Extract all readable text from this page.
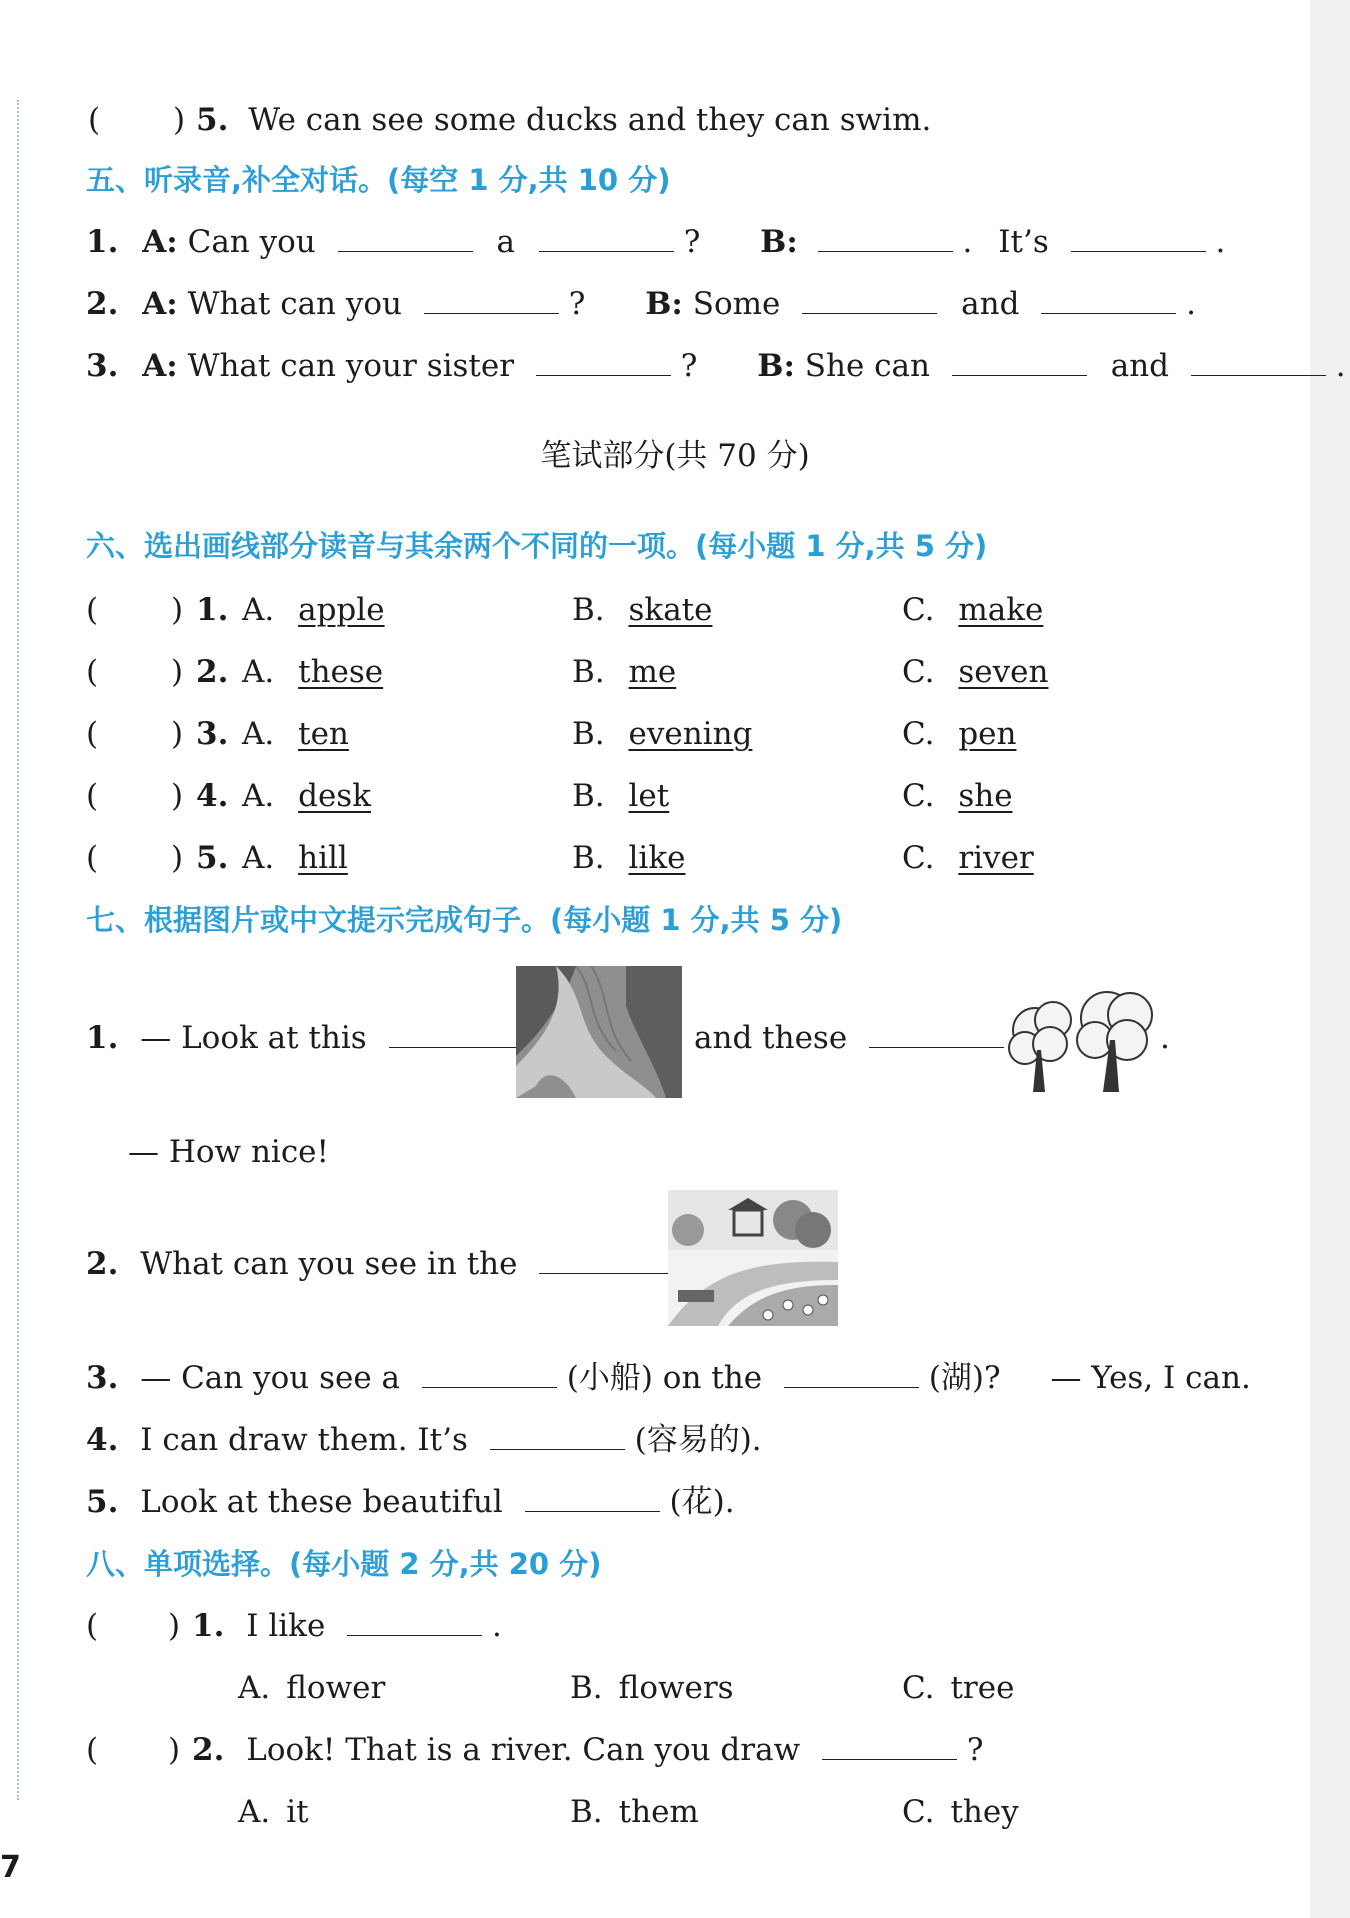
( ) 5. We can see some ducks and they can swim.
五、听录音,补全对话。(每空 1 分,共 10 分)
1. A: Can you	a	? B:	. It’s	.
2. A: What can you	? B: Some	and	.
3. A: What can your sister	? B: She can	and	.
笔试部分(共 70 分)
六、选出画线部分读音与其余两个不同的一项。(每小题 1 分,共 5 分)
( ) 1. A. apple	B. skate	C. make
( ) 2. A. these	B. me	C. seven
( ) 3. A. ten	B. evening	C. pen
( ) 4. A. desk	B. let	C. she
( ) 5. A. hill	B. like	C. river
七、根据图片或中文提示完成句子。(每小题 1 分,共 5 分)
1. — Look at this	and these	.
— How nice!
2. What can you see in the
3. — Can you see a	(小船) on the	(湖)? — Yes, I can.
4. I can draw them. It’s	(容易的).
5. Look at these beautiful	(花).
八、单项选择。(每小题 2 分,共 20 分)
( ) 1. I like	.
A. flower	B. flowers	C. tree
( ) 2. Look! That is a river. Can you draw	?
A. it	B. them	C. they
7
